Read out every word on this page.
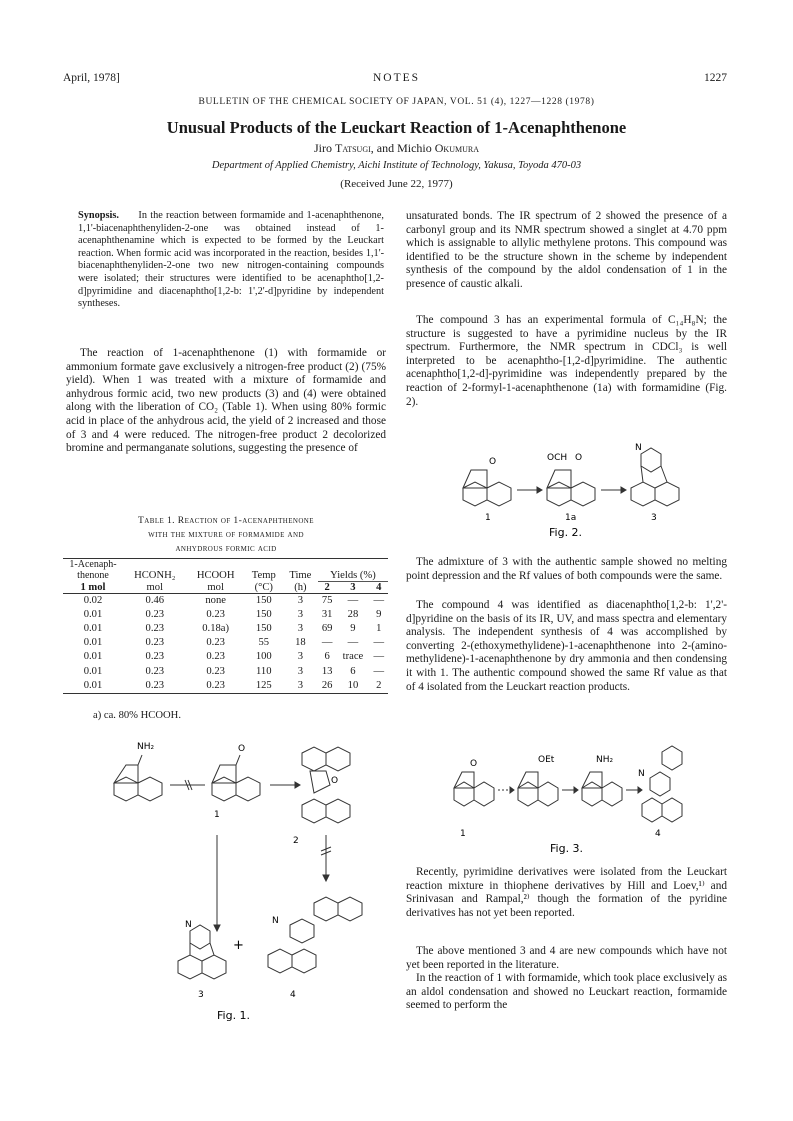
April, 1978]	NOTES	1227
BULLETIN OF THE CHEMICAL SOCIETY OF JAPAN, VOL. 51 (4), 1227—1228 (1978)
Unusual Products of the Leuckart Reaction of 1-Acenaphthenone
Jiro Tatsugi, and Michio Okumura
Department of Applied Chemistry, Aichi Institute of Technology, Yakusa, Toyoda 470-03
(Received June 22, 1977)
Synopsis. In the reaction between formamide and 1-acenaphthenone, 1,1'-biacenaphthenyliden-2-one was obtained instead of 1-acenaphthenamine which is expected to be formed by the Leuckart reaction. When formic acid was incorporated in the reaction, besides 1,1'-biacenaphthenyliden-2-one two new nitrogen-containing compounds were isolated; their structures were identified to be acenaphtho[1,2-d]pyrimidine and diacenaphtho[1,2-b: 1',2'-d]pyridine by independent syntheses.
The reaction of 1-acenaphthenone (1) with formamide or ammonium formate gave exclusively a nitrogen-free product (2) (75% yield). When 1 was treated with a mixture of formamide and anhydrous formic acid, two new products (3) and (4) were obtained along with the liberation of CO₂ (Table 1). When using 80% formic acid in place of the anhydrous acid, the yield of 2 increased and those of 3 and 4 were reduced. The nitrogen-free product 2 decolorized bromine and permanganate solutions, suggesting the presence of
Table 1. Reaction of 1-acenaphthenone
with the mixture of formamide and
anhydrous formic acid
1-Acenaph-thenone	HCONH₂	HCOOH	Temp	Time	Yields (%)		
1 mol	mol	mol	(°C)	(h)	2	3	4
0.02	0.46	none	150	3	75	—	—
0.01	0.23	0.23	150	3	31	28	9
0.01	0.23	0.18a)	150	3	69	9	1
0.01	0.23	0.23	55	18	—	—	—
0.01	0.23	0.23	100	3	6	trace	—
0.01	0.23	0.23	110	3	13	6	—
0.01	0.23	0.23	125	3	26	10	2
a) ca. 80% HCOOH.
NH₂	O
O
1
2
N	N
+
3	4
Fig. 1.
unsaturated bonds. The IR spectrum of 2 showed the presence of a carbonyl group and its NMR spectrum showed a singlet at 4.70 ppm which is assignable to allylic methylene protons. This compound was identified to be the structure shown in the scheme by independent synthesis of the compound by the aldol condensation of 1 in the presence of caustic alkali.
The compound 3 has an experimental formula of C₁₄H₈N; the structure is suggested to have a pyrimidine nucleus by the IR spectrum. Furthermore, the NMR spectrum in CDCl₃ is well interpreted to be acenaphtho-[1,2-d]pyrimidine. The authentic acenaphtho[1,2-d]-pyrimidine was independently prepared by the reaction of 2-formyl-1-acenaphthenone (1a) with formamidine (Fig. 2).
O	OCH O
N
1	1a	3
Fig. 2.
The admixture of 3 with the authentic sample showed no melting point depression and the Rf values of both compounds were the same.
The compound 4 was identified as diacenaphtho[1,2-b: 1',2'-d]pyridine on the basis of its IR, UV, and mass spectra and elementary analysis. The independent synthesis of 4 was accomplished by converting 2-(ethoxymethylidene)-1-acenaphthenone into 2-(amino-methylidene)-1-acenaphthenone by dry ammonia and then condensing it with 1. The authentic compound showed the same Rf value as that of 4 isolated from the Leuckart reaction products.
O	OEt	NH₂
N
1	4
Fig. 3.
Recently, pyrimidine derivatives were isolated from the Leuckart reaction mixture in thiophene derivatives by Hill and Loev,¹⁾ and Srinivasan and Rampal,²⁾ though the formation of the pyridine derivatives has not yet been reported.
The above mentioned 3 and 4 are new compounds which have not yet been reported in the literature.
In the reaction of 1 with formamide, which took place exclusively as an aldol condensation and showed no Leuckart reaction, formamide seemed to perform the
